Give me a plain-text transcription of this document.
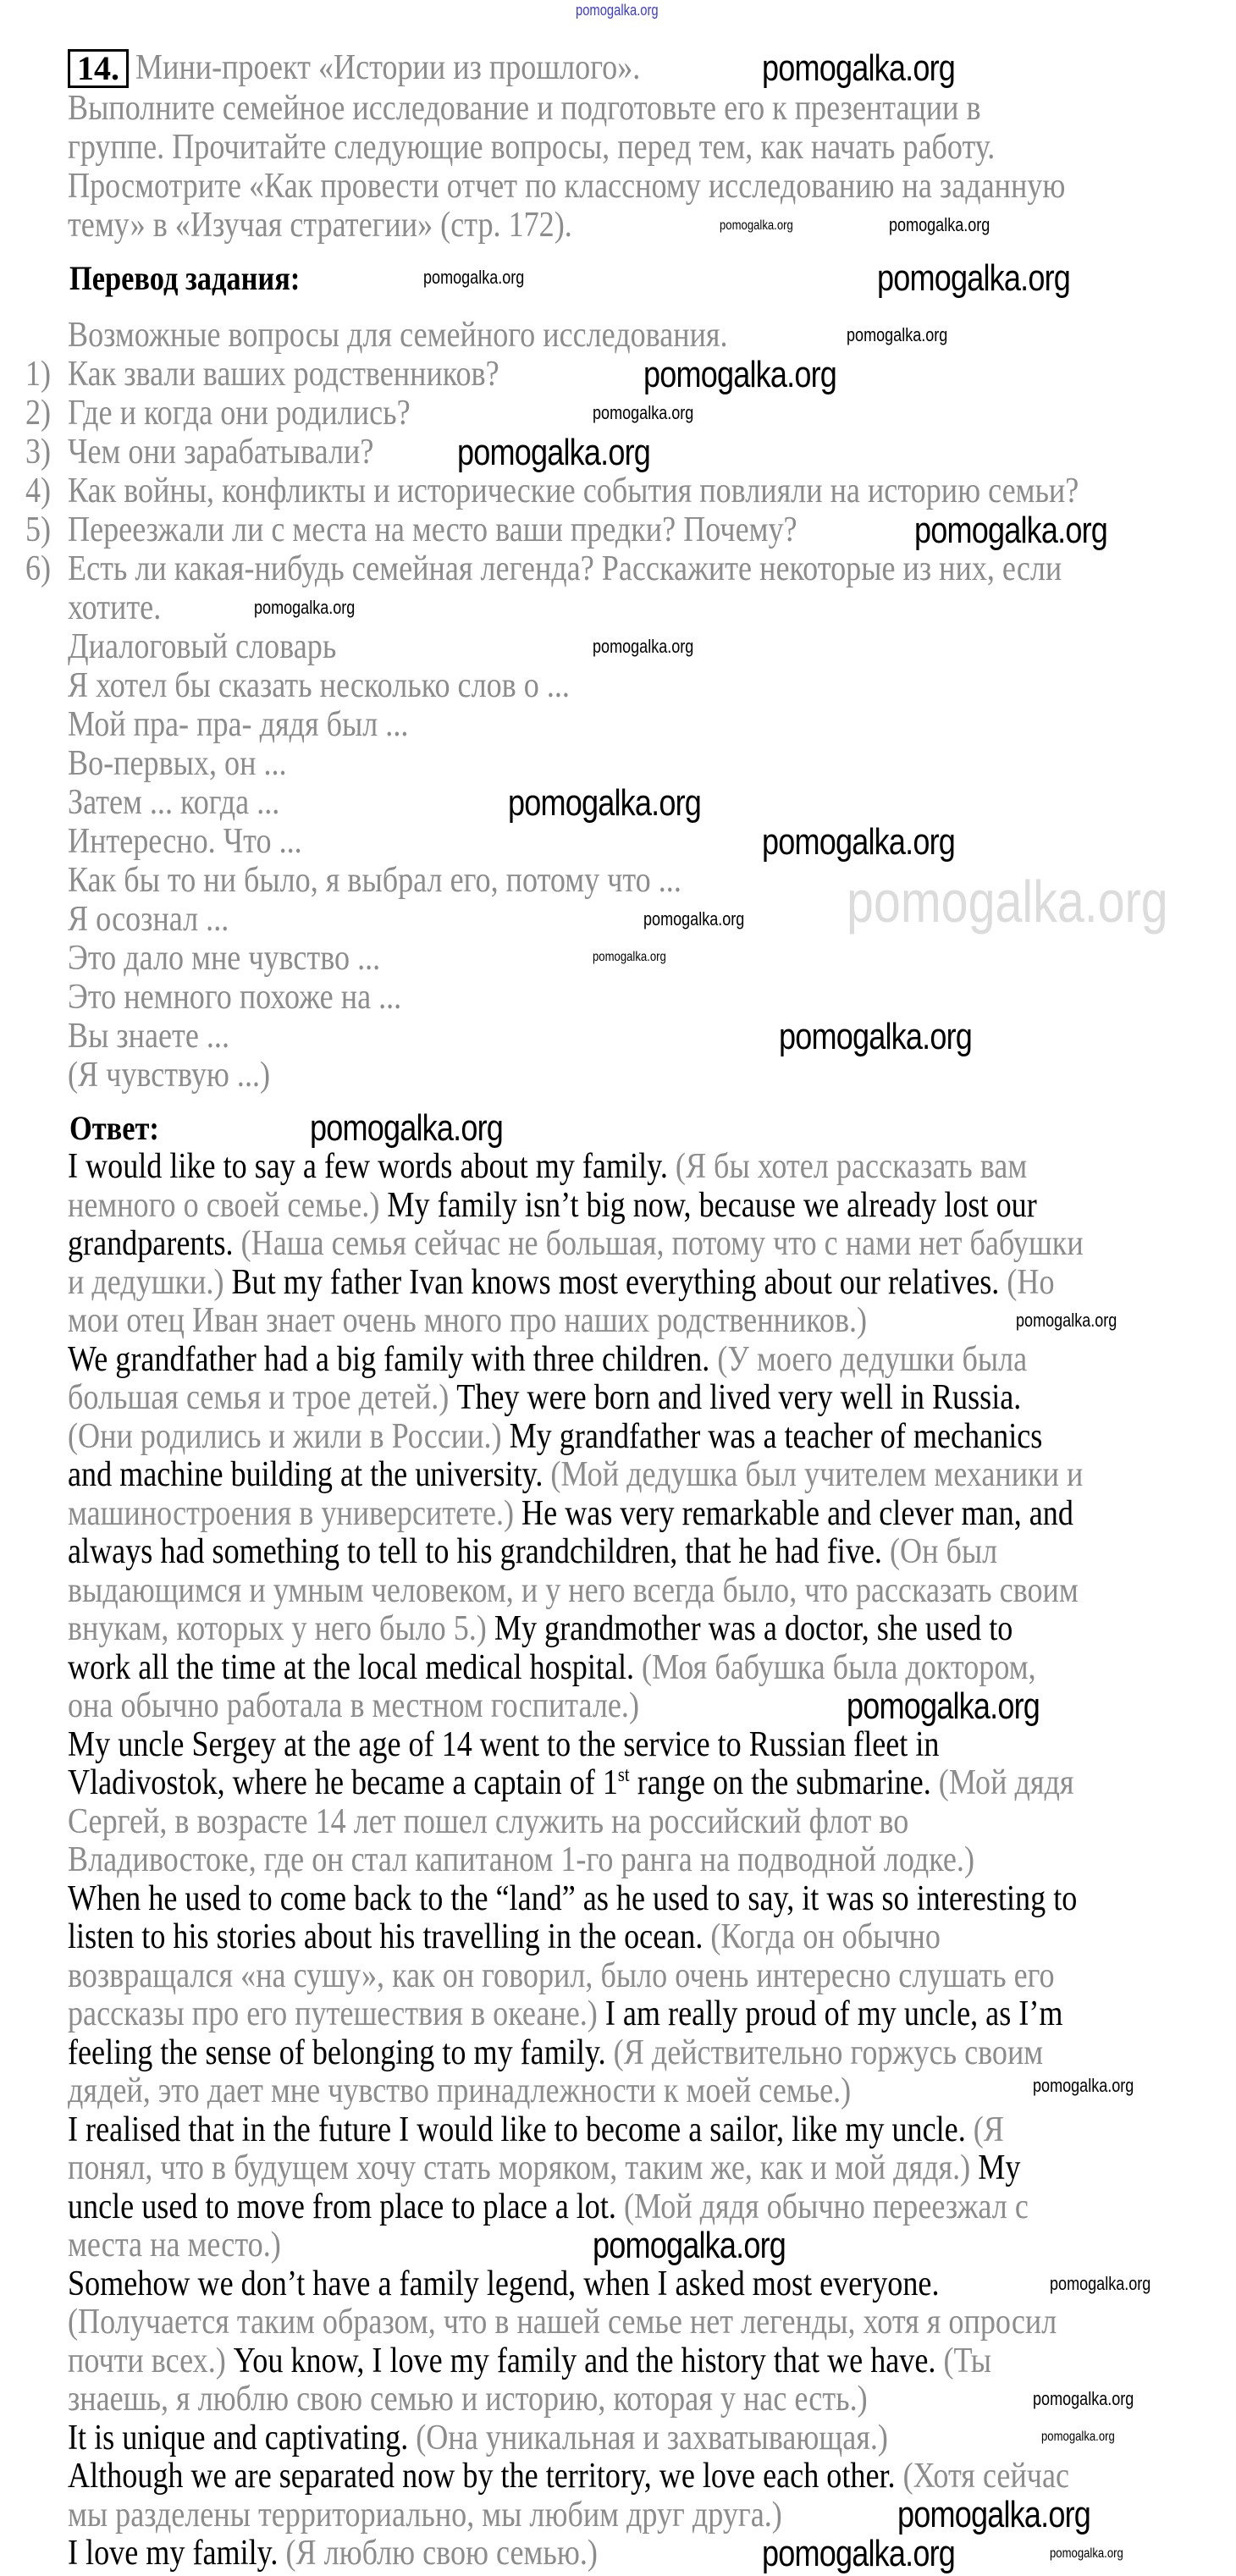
pomogalka.org
pomogalka.org
14. Мини-проект «Истории из прошлого».
Выполните семейное исследование и подготовьте его к презентации в
группе. Прочитайте следующие вопросы, перед тем, как начать работу.
Просмотрите «Как провести отчет по классному исследованию на заданную
тему» в «Изучая стратегии» (стр. 172).
Перевод задания:
Возможные вопросы для семейного исследования.
1) Как звали ваших родственников?
2) Где и когда они родились?
3) Чем они зарабатывали?
4) Как войны, конфликты и исторические события повлияли на историю семьи?
5) Переезжали ли с места на место ваши предки? Почему?
6) Есть ли какая-нибудь семейная легенда? Расскажите некоторые из них, если
хотите.
Диалоговый словарь
Я хотел бы сказать несколько слов о ...
Мой пра- пра- дядя был ...
Во-первых, он ...
Затем ... когда ...
Интересно. Что ...
Как бы то ни было, я выбрал его, потому что ...
Я осознал ...
Это дало мне чувство ...
Это немного похоже на ...
Вы знаете ...
(Я чувствую ...)
Ответ:
I would like to say a few words about my family. (Я бы хотел рассказать вам
немного о своей семье.) My family isn’t big now, because we already lost our
grandparents. (Наша семья сейчас не большая, потому что с нами нет бабушки
и дедушки.) But my father Ivan knows most everything about our relatives. (Но
мои отец Иван знает очень много про наших родственников.)
We grandfather had a big family with three children. (У моего дедушки была
большая семья и трое детей.) They were born and lived very well in Russia.
(Они родились и жили в России.) My grandfather was a teacher of mechanics
and machine building at the university. (Мой дедушка был учителем механики и
машиностроения в университете.) He was very remarkable and clever man, and
always had something to tell to his grandchildren, that he had five. (Он был
выдающимся и умным человеком, и у него всегда было, что рассказать своим
внукам, которых у него было 5.) My grandmother was a doctor, she used to
work all the time at the local medical hospital. (Моя бабушка была доктором,
она обычно работала в местном госпитале.)
My uncle Sergey at the age of 14 went to the service to Russian fleet in
Vladivostok, where he became a captain of 1st range on the submarine. (Мой дядя
Сергей, в возрасте 14 лет пошел служить на российский флот во
Владивостоке, где он стал капитаном 1-го ранга на подводной лодке.)
When he used to come back to the “land” as he used to say, it was so interesting to
listen to his stories about his travelling in the ocean. (Когда он обычно
возвращался «на сушу», как он говорил, было очень интересно слушать его
рассказы про его путешествия в океане.) I am really proud of my uncle, as I’m
feeling the sense of belonging to my family. (Я действительно горжусь своим
дядей, это дает мне чувство принадлежности к моей семье.)
I realised that in the future I would like to become a sailor, like my uncle. (Я
понял, что в будущем хочу стать моряком, таким же, как и мой дядя.) My
uncle used to move from place to place a lot. (Мой дядя обычно переезжал с
места на место.)
Somehow we don’t have a family legend, when I asked most everyone.
(Получается таким образом, что в нашей семье нет легенды, хотя я опросил
почти всех.) You know, I love my family and the history that we have. (Ты
знаешь, я люблю свою семью и историю, которая у нас есть.)
It is unique and captivating. (Она уникальная и захватывающая.)
Although we are separated now by the territory, we love each other. (Хотя сейчас
мы разделены территориально, мы любим друг друга.)
I love my family. (Я люблю свою семью.)
pomogalka.org
pomogalka.org	pomogalka.org
pomogalka.org
pomogalka.org
pomogalka.org
pomogalka.org
pomogalka.org
pomogalka.org
pomogalka.org
pomogalka.org
pomogalka.org
pomogalka.org
pomogalka.org
pomogalka.org
pomogalka.org
pomogalka.org
pomogalka.org
pomogalka.org
pomogalka.org
pomogalka.org
pomogalka.org
pomogalka.org
pomogalka.org
pomogalka.org
pomogalka.org
pomogalka.org	pomogalka.org
